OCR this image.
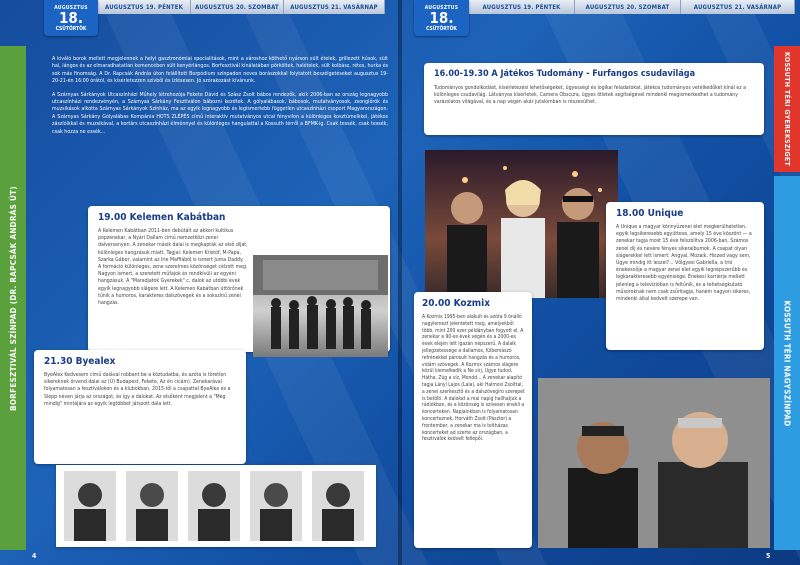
AUGUSZTUS 19. PÉNTEK AUGUSZTUS 20. SZOMBAT AUGUSZTUS 21. VASÁRNAP
AUGUSZTUS
18.
CSÜTÖRTÖK
AUGUSZTUS 19. PÉNTEK	AUGUSZTUS 20. SZOMBAT	AUGUSZTUS 21. VASÁRNAP
AUGUSZTUS
18.
CSÜTÖRTÖK
BORFESZTIVÁL SZÍNPAD (DR. RAPCSÁK ANDRÁS ÚT)
KOSSUTH TÉRI GYEREKSZIGET
KOSSUTH TÉRI NAGYSZÍNPAD

A kiváló borok mellett megjelennek a helyi gasztronómiai specialitások, mint a városhoz köthető nyárson sült ételek, grillezett húsok, sült hal, lángos és az elmaradhatatlan kemencében sült kenyérlángos. Borfesztivál kínálatában pörköltek, halételek, sült kolbász, rétes, hurka és sok más finomság. A Dr. Rapcsák András úton felállított Borpódium színpadon neves borászokkal folytatott beszélgetéseket augusztus 19-20-21-én 16:00 órától, és kísérletezzen szívből és ízlésesen. Jó szórakozást kívánunk.

A Szárnyas Sárkányok Utcaszínházi Műhely létrehozója Fekete Dávid és Szász Zsolt bábos rendezők, akik 2006-ban az ország legnagyobb utcaszínházi rendezvényén, a Szárnyas Sárkány Fesztiválon bábozni kezdtek. A gólyalábasok, bábosok, mutatványosok, zsonglőrök és muzsikások alkotta Szárnyas Sárkányok Színház, ma az egyik legnagyobb és legismertebb független utcaszínházi csoport Magyarországon. A Szárnyas Sárkány Gólyalábas Kompánia HOTS ZLÉPÉS című interaktív mutatványos utcai fényvilon a különleges kosztümeikkel, játékos zászlóikkal és muzsikával, a kortárs utcaszínházi élménnyel és különleges hangulattal a Kossuth térről a BFMK-ig. Csak tessék, csak tessék, csak hozza ne essék...

19.00 Kelemen Kabátban
A Kelemen Kabátban 2011-ben debütált az akkori kultikus popzenekar, a Nyári Dallam című nemzetközi zenei dalversenyen. A zenekar másik dalai is megkapták az első díjat, különleges hangzásuk miatt. Tagjai: Kelemen Kristóf, M-Papa, Szarka Gábor, valamint az Irie Maffiából is ismert Juma Daddy. A formáció különleges, zene szerelmes közönséget célzott meg. Nagyon ismert, a szeretett műfajok és rendkívüli az egyéni hangzásuk. A "Maradjatok Gyerekek" c. dalok az utóbbi évek egyik legnagyobb slágere lett. A Kelemen Kabátban úttörőnek tűnik a humoros, karakteres dalszövegek és a sokszínű zenei hangzás.
21.30 Byealex
ByeAlex Kedvesem című dalával robbant be a köztudatba, és azóta is töretlen sikereknek örvend dalai az (Ú) Budapest, Fekete, Az én cicám). Zenekarával folyamatosan a fesztiválokon és a klubokban, 2015-től a csapattal ByeAlex és a Slepp néven járja az országot, és így a dalokat. Az elsőként megjelent a "Még mindig" mintájára az egyik legtöbbet játszott dala lett.
4
16.00-19.30 A Játékos Tudomány - Furfangos csudavilága
Tudományos gondolkodást, kísérletezési lehetőségeket, ügyességi és logikai feladatokat, játékos tudományos vetélkedőket kínál ez a különleges csudavilág. Látványos kísérletek, Camera Obscura, ügyes ötletek segítségével mindenki megismerkedhet a tudomány varázslatos világával, és a nap végén akár jutalomban is részesülhet.
18.00 Unique
A Unique a magyar könnyűzenei élet megkerülhetetlen, egyik legsikeresebb együttese, amely 15 éve köszönt — a zenekar tagja most 15 éve felszólítva 2006-ban, Számos zenei díj és nevére fényes sikeralbumok. A csapat olyan slágerekkel lett ismert: Angyal, Mozaik, Hiszed vagy sem, Úgye mindig itt leszel?... Vőlgyesi Gabriella, a trió énekesnője a magyar zenei élet egyik legnépszerűbb és legkarakteresebb egyénisége. Énekesi karrierje mellett jelenleg a televízióban is feltűnik, és a tehetségkutató műsoroknak nem csak zsűritagja, hanem nagyon sikeres, mindenki által kedvelt szerepe van.
20.00 Kozmix
A Kozmix 1995-ben alakult és azóta 9 önálló nagylemezt jelentetett meg, amelyekből több, mint 200 ezer példányban fogyott el. A zenekar a 90-es évek végén és a 2000-es évek elején lett igazán népszerű. A dalaik jellegzetessége a dallamos, fülbemászó refrénekkel párosult hangzás és a humoros, vidám szövegek. A Kozmix számos slágere közül kiemelkedik a Ne sírj, Ugye tudod, Hátha, Zúg a víz, Mondd... A zenekar alapító tagja Lányi Lajos (Lala), aki Halmosi Zsolttal, a zenei szerkesztő és a dalszövegíró szerepét is betölti. A dalokat a mai napig hallhatjuk a rádiókban, és a közönség is szívesen énekli a koncerteken. Napjainkban is folyamatosan koncerteznek, Horváth Zsolt (Pásztor) a frontember, a zenekar ma is teltházas koncerteket ad szerte az országban, a fesztiválok kedvelt fellépői.
5
